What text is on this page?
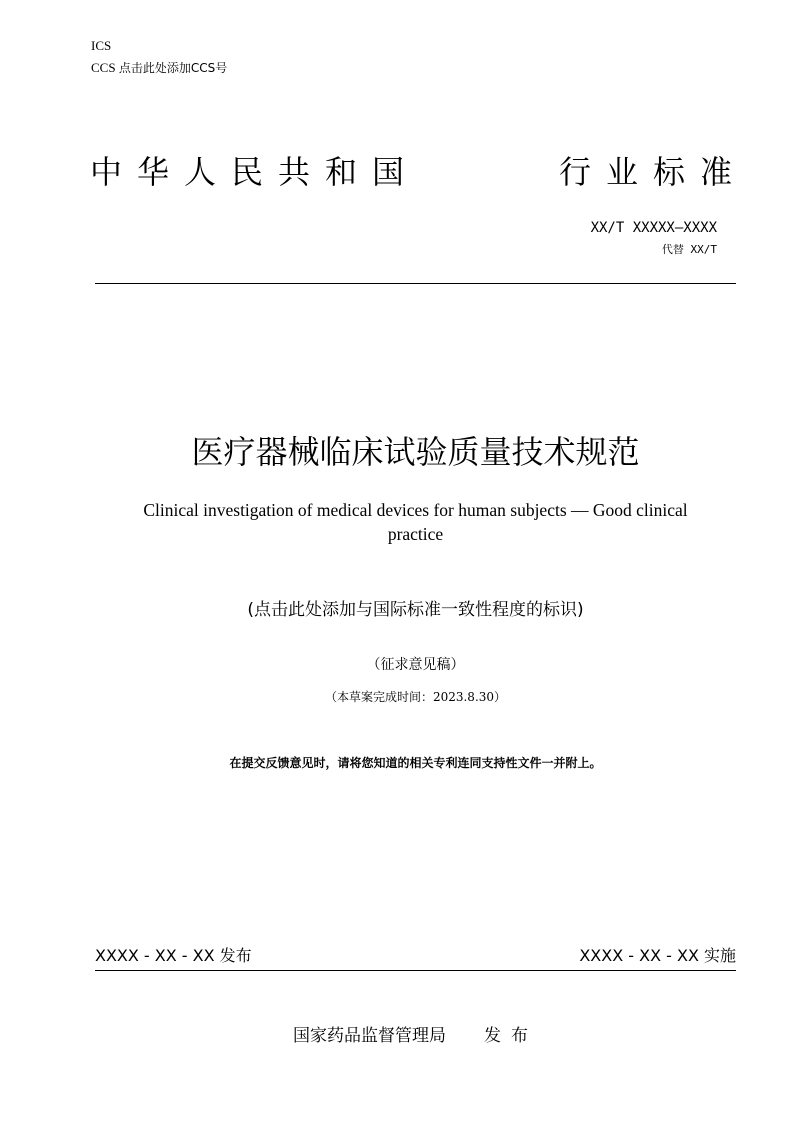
ICS
CCS 点击此处添加CCS号
中华人民共和国	行业标准
XX/T XXXXX—XXXX
代替 XX/T
医疗器械临床试验质量技术规范
Clinical investigation of medical devices for human subjects — Good clinical practice
(点击此处添加与国际标准一致性程度的标识)
（征求意见稿）
（本草案完成时间：2023.8.30）
在提交反馈意见时，请将您知道的相关专利连同支持性文件一并附上。
XXXX - XX - XX 发布	XXXX - XX - XX 实施
国家药品监督管理局 发布
